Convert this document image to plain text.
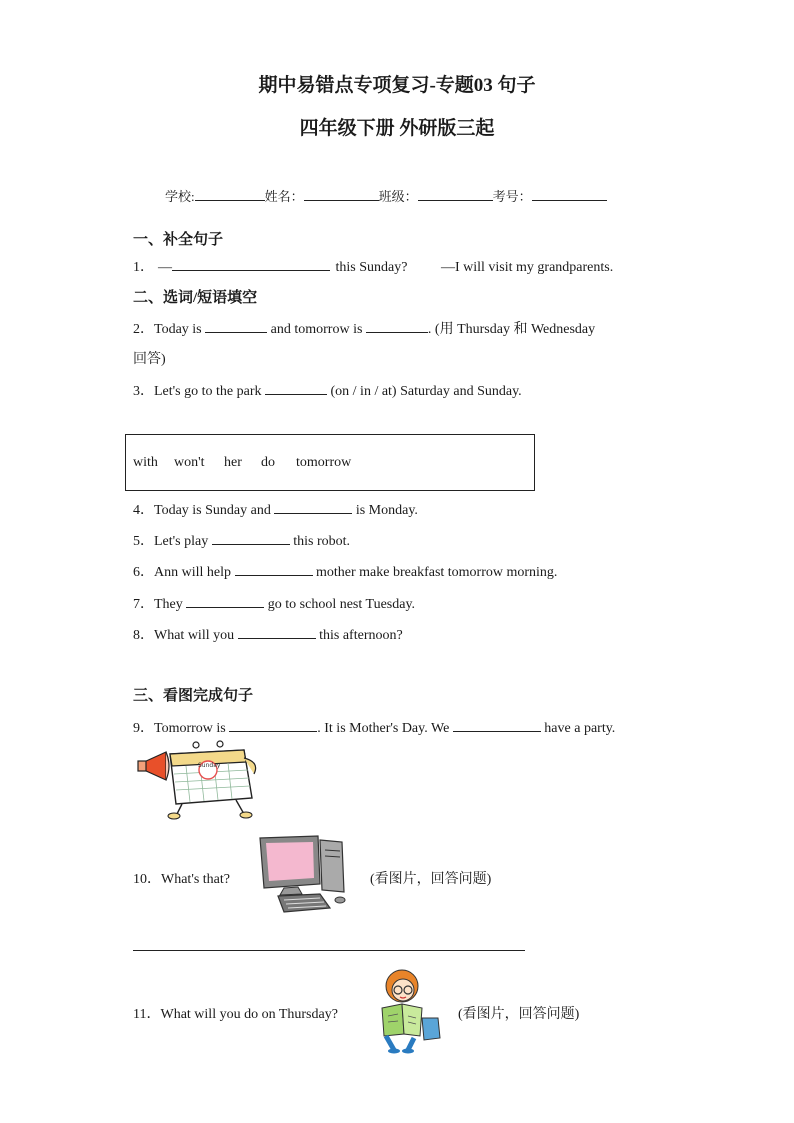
期中易错点专项复习-专题03 句子
四年级下册 外研版三起
学校:	姓名：	班级：	考号：
一、补全句子
1． —	this Sunday? —I will visit my grandparents.
二、选词/短语填空
2．Today is	and tomorrow is	. (用 Thursday 和 Wednesday
回答)
3．Let's go to the park	(on / in / at) Saturday and Sunday.
with won't her do tomorrow
4．Today is Sunday and	is Monday.
5．Let's play	this robot.
6．Ann will help	mother make breakfast tomorrow morning.
7．They	go to school nest Tuesday.
8．What will you	this afternoon?
三、看图完成句子
9．Tomorrow is	. It is Mother's Day. We	have a party.
Sunday
10．What's that?	(看图片，回答问题)
11．What will you do on Thursday?	(看图片，回答问题)
